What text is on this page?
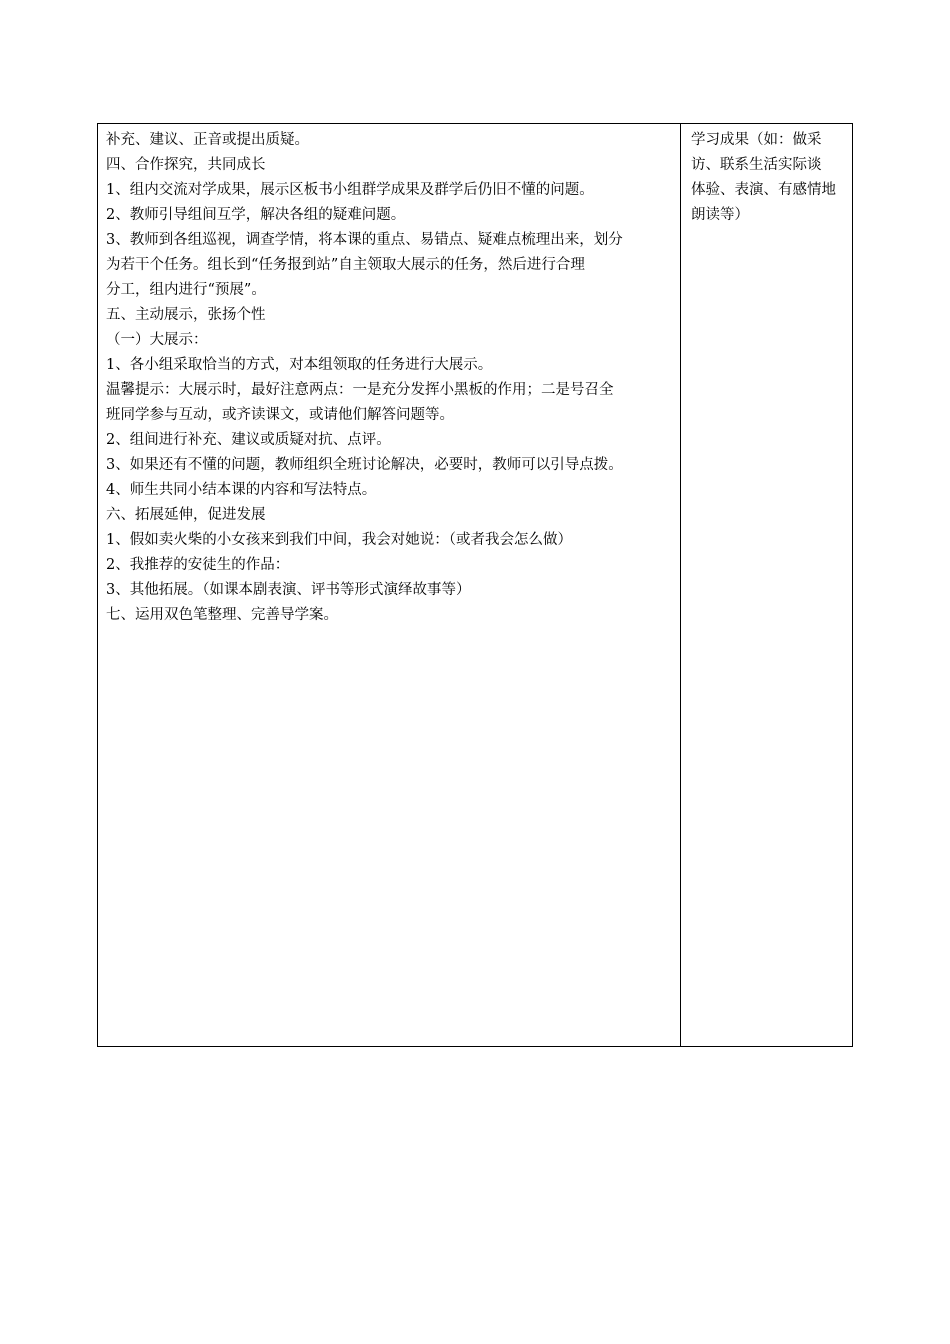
补充、建议、正音或提出质疑。
四、合作探究，共同成长
1、组内交流对学成果，展示区板书小组群学成果及群学后仍旧不懂的问题。
2、教师引导组间互学，解决各组的疑难问题。
3、教师到各组巡视，调查学情，将本课的重点、易错点、疑难点梳理出来，划分
为若干个任务。组长到“任务报到站”自主领取大展示的任务，然后进行合理
分工，组内进行“预展”。
五、主动展示，张扬个性
（一）大展示：
1、各小组采取恰当的方式，对本组领取的任务进行大展示。
温馨提示：大展示时，最好注意两点：一是充分发挥小黑板的作用；二是号召全
班同学参与互动，或齐读课文，或请他们解答问题等。
2、组间进行补充、建议或质疑对抗、点评。
3、如果还有不懂的问题，教师组织全班讨论解决，必要时，教师可以引导点拨。
4、师生共同小结本课的内容和写法特点。
六、拓展延伸，促进发展
1、假如卖火柴的小女孩来到我们中间，我会对她说：（或者我会怎么做）
2、我推荐的安徒生的作品：
3、其他拓展。（如课本剧表演、评书等形式演绎故事等）
七、运用双色笔整理、完善导学案。
学习成果（如：做采
访、联系生活实际谈
体验、表演、有感情地
朗读等）
